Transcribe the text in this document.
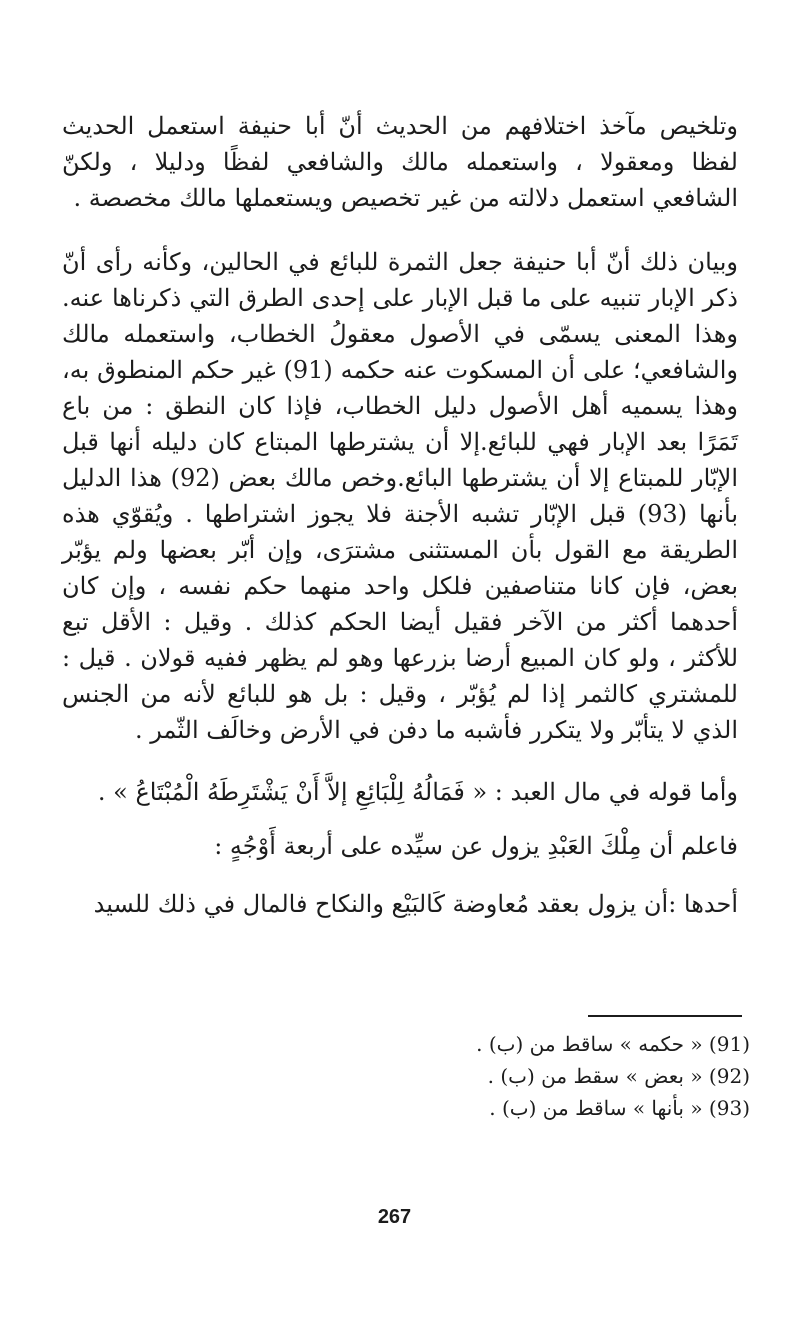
وتلخيص مآخذ اختلافهم من الحديث أنّ أبا حنيفة استعمل الحديث لفظا ومعقولا ، واستعمله مالك والشافعي لفظًا ودليلا ، ولكنّ الشافعي استعمل دلالته من غير تخصيص ويستعملها مالك مخصصة .

وبيان ذلك أنّ أبا حنيفة جعل الثمرة للبائع في الحالين، وكأنه رأى أنّ ذكر الإبار تنبيه على ما قبل الإبار على إحدى الطرق التي ذكرناها عنه. وهذا المعنى يسمّى في الأصول معقولُ الخطاب، واستعمله مالك والشافعي؛ على أن المسكوت عنه حكمه (91) غير حكم المنطوق به، وهذا يسميه أهل الأصول دليل الخطاب، فإذا كان النطق : من باع تَمَرًا بعد الإبار فهي للبائع.إلا أن يشترطها المبتاع كان دليله أنها قبل الإبّار للمبتاع إلا أن يشترطها البائع.وخص مالك بعض (92) هذا الدليل بأنها (93) قبل الإبّار تشبه الأجنة فلا يجوز اشتراطها . ويُقوّي هذه الطريقة مع القول بأن المستثنى مشترَى، وإن أبّر بعضها ولم يؤبّر بعض، فإن كانا متناصفين فلكل واحد منهما حكم نفسه ، وإن كان أحدهما أكثر من الآخر فقيل أيضا الحكم كذلك . وقيل : الأقل تبع للأكثر ، ولو كان المبيع أرضا بزرعها وهو لم يظهر ففيه قولان . قيل : للمشتري كالثمر إذا لم يُؤبّر ، وقيل : بل هو للبائع لأنه من الجنس الذي لا يتأبّر ولا يتكرر فأشبه ما دفن في الأرض وخالَف الثّمر .

وأما قوله في مال العبد : « فَمَالُهُ لِلْبَائِعِ إلاَّ أَنْ يَشْتَرِطَهُ الْمُبْتَاعُ » .

فاعلم أن مِلْكَ العَبْدِ يزول عن سيِّده على أربعة أَوْجُهٍ :

أحدها :أن يزول بعقد مُعاوضة كَالبَيْع والنكاح فالمال في ذلك للسيد

(91) « حكمه » ساقط من (ب) .
(92) « بعض » سقط من (ب) .
(93) « بأنها » ساقط من (ب) .
267
